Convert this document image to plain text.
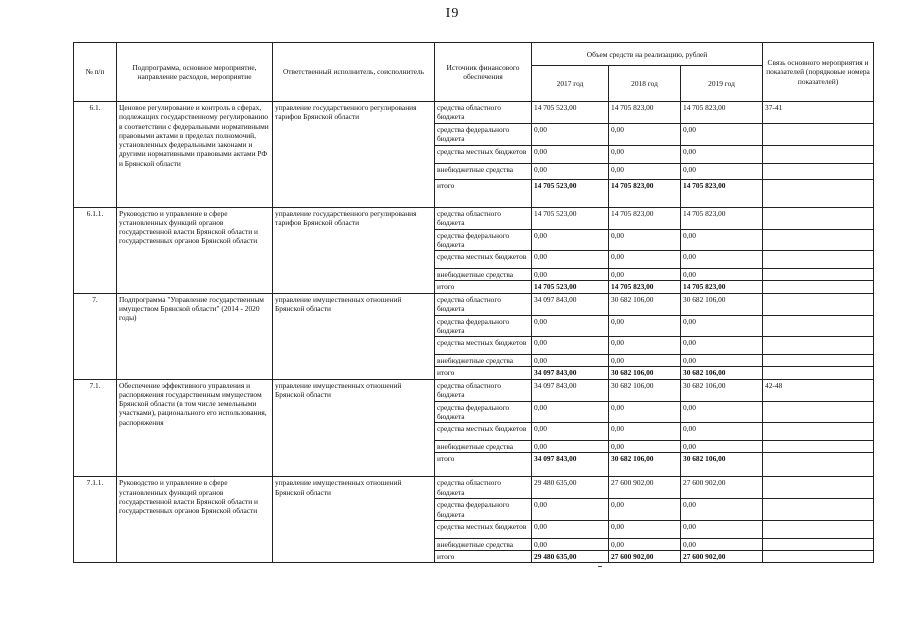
I9
№ п/п	Подпрограмма, основное мероприятие, направление расходов, мероприятие	Ответственный исполнитель, соисполнитель	Источник финансового обеспечения	Объем средств на реализацию, рублей			Связь основного мероприятия и показателей (порядковые номера показателей)
				2017 год	2018 год	2019 год	
6.1.	Ценовое регулирование и контроль в сферах, подлежащих государственному регулированию в соответствии с федеральными нормативными правовыми актами в пределах полномочий, установленных федеральными законами и другими нормативными правовыми актами РФ и Брянской области	управление государственного регулирования тарифов Брянской области	средства областного бюджета	14 705 523,00	14 705 823,00	14 705 823,00	37-41
			средства федерального бюджета	0,00	0,00	0,00	
			средства местных бюджетов	0,00	0,00	0,00	
			внебюджетные средства	0,00	0,00	0,00	
			итого	14 705 523,00	14 705 823,00	14 705 823,00	
6.1.1.	Руководство и управление в сфере установленных функций органов государственной власти Брянской области и государственных органов Брянской области	управление государственного регулирования тарифов Брянской области	средства областного бюджета	14 705 523,00	14 705 823,00	14 705 823,00	
			средства федерального бюджета	0,00	0,00	0,00	
			средства местных бюджетов	0,00	0,00	0,00	
			внебюджетные средства	0,00	0,00	0,00	
			итого	14 705 523,00	14 705 823,00	14 705 823,00	
7.	Подпрограмма "Управление государственным имуществом Брянской области" (2014 - 2020 годы)	управление имущественных отношений Брянской области	средства областного бюджета	34 097 843,00	30 682 106,00	30 682 106,00	
			средства федерального бюджета	0,00	0,00	0,00	
			средства местных бюджетов	0,00	0,00	0,00	
			внебюджетные средства	0,00	0,00	0,00	
			итого	34 097 843,00	30 682 106,00	30 682 106,00	
7.1.	Обеспечение эффективного управления и распоряжения государственным имуществом Брянской области (в том числе земельными участками), рационального его использования, распоряжения	управление имущественных отношений Брянской области	средства областного бюджета	34 097 843,00	30 682 106,00	30 682 106,00	42-48
			средства федерального бюджета	0,00	0,00	0,00	
			средства местных бюджетов	0,00	0,00	0,00	
			внебюджетные средства	0,00	0,00	0,00	
			итого	34 097 843,00	30 682 106,00	30 682 106,00	
7.1.1.	Руководство и управление в сфере установленных функций органов государственной власти Брянской области и государственных органов Брянской области	управление имущественных отношений Брянской области	средства областного бюджета	29 480 635,00	27 600 902,00	27 600 902,00	
			средства федерального бюджета	0,00	0,00	0,00	
			средства местных бюджетов	0,00	0,00	0,00	
			внебюджетные средства	0,00	0,00	0,00	
			итого	29 480 635,00	27 600 902,00	27 600 902,00	
